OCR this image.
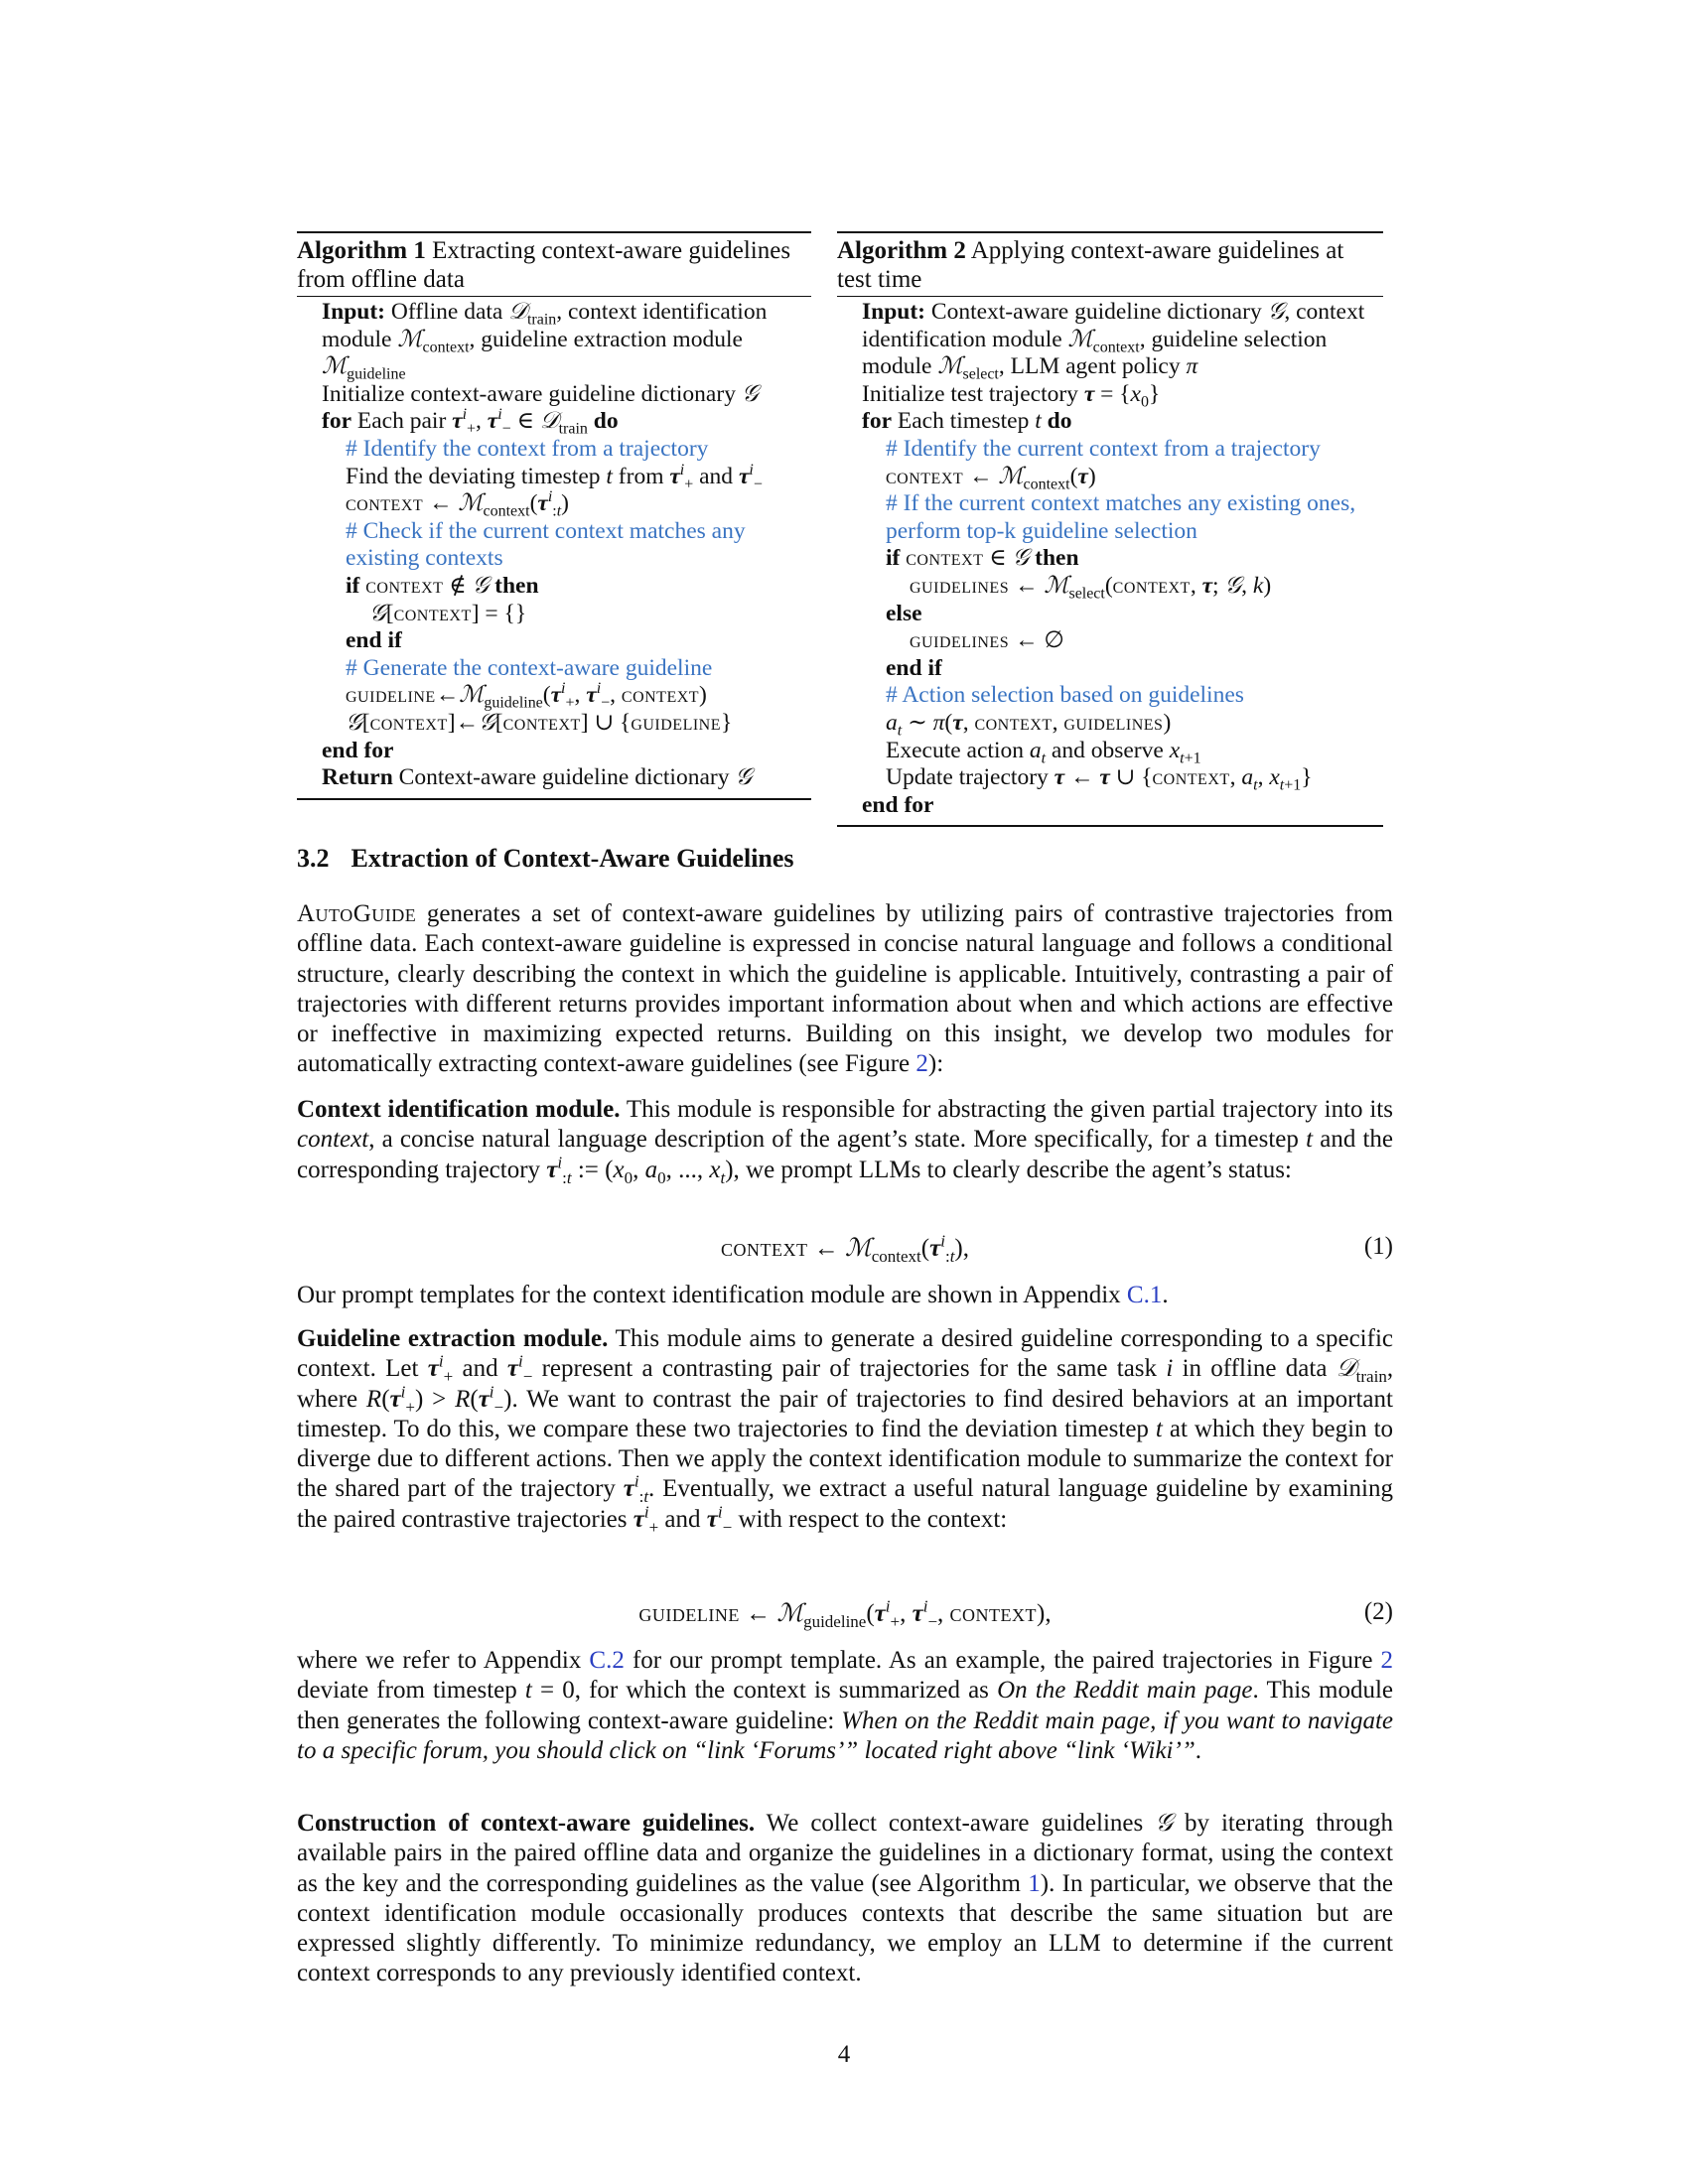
Algorithm 1 Extracting context-aware guidelines from offline data
Input: Offline data 𝒟$_{train}$, context identification module ℳ$_{context}$, guideline extraction module ℳ$_{guideline}$
Initialize context-aware guideline dictionary 𝒢
for Each pair $\tau^i_+$, $\tau^i_-$ ∈ 𝒟$_{train}$ do
# Identify the context from a trajectory
Find the deviating timestep t from $\tau^i_+$ and $\tau^i_-$
context ← $ℳ_{context}(\tau^i_{:t})$
# Check if the current context matches any existing contexts
if context ∉ 𝒢 then
𝒢[context] = {}
end if
# Generate the context-aware guideline
$guideline\leftarrow ℳ_{guideline}(\tau^i_+$, $\tau^i_-$, context)
𝒢[context]←𝒢[context] ∪ {guideline}
end for
Return Context-aware guideline dictionary 𝒢
Algorithm 2 Applying context-aware guidelines at test time
Input: Context-aware guideline dictionary 𝒢, context identification module ℳ$_{context}$, guideline selection module ℳ$_{select}$, LLM agent policy π
Initialize test trajectory $\tau = \{x_0\}$
for Each timestep t do
# Identify the current context from a trajectory
context ← ℳ$_{context}$(τ)
# If the current context matches any existing ones, perform top-k guideline selection
if context ∈ 𝒢 then
guidelines ← ℳ$_{select}$(context, τ; 𝒢, k)
else
guidelines ← ∅
end if
# Action selection based on guidelines
$a_t$ ∼ π(τ, context, guidelines)
Execute action $a_t$ and observe $x_{t+1}$
Update trajectory τ ← τ ∪ {context, $a_t$, $x_{t+1}$}
end for
3.2 Extraction of Context-Aware Guidelines
AutoGuide generates a set of context-aware guidelines by utilizing pairs of contrastive trajectories from offline data. Each context-aware guideline is expressed in concise natural language and follows a conditional structure, clearly describing the context in which the guideline is applicable. Intuitively, contrasting a pair of trajectories with different returns provides important information about when and which actions are effective or ineffective in maximizing expected returns. Building on this insight, we develop two modules for automatically extracting context-aware guidelines (see Figure 2):
Context identification module. This module is responsible for abstracting the given partial trajectory into its context, a concise natural language description of the agent’s state. More specifically, for a timestep t and the corresponding trajectory $\tau^i_{:t}$ := ($x_0$, $a_0$, ..., $x_t$), we prompt LLMs to clearly describe the agent’s status:
context ← $ℳ_{context}(\tau^i_{:t})$,	(1)
Our prompt templates for the context identification module are shown in Appendix C.1.
Guideline extraction module. This module aims to generate a desired guideline corresponding to a specific context. Let $\tau^i_+$ and $\tau^i_-$ represent a contrasting pair of trajectories for the same task i in offline data 𝒟$_{train}$, where $R(\tau^i_+) > R(\tau^i_-)$. We want to contrast the pair of trajectories to find desired behaviors at an important timestep. To do this, we compare these two trajectories to find the deviation timestep t at which they begin to diverge due to different actions. Then we apply the context identification module to summarize the context for the shared part of the trajectory $\tau^i_{:t}$. Eventually, we extract a useful natural language guideline by examining the paired contrastive trajectories $\tau^i_+$ and $\tau^i_-$ with respect to the context:
guideline ← $ℳ_{guideline}(\tau^i_+$, $\tau^i_-$, context),	(2)
where we refer to Appendix C.2 for our prompt template. As an example, the paired trajectories in Figure 2 deviate from timestep t = 0, for which the context is summarized as On the Reddit main page. This module then generates the following context-aware guideline: When on the Reddit main page, if you want to navigate to a specific forum, you should click on “link ‘Forums’” located right above “link ‘Wiki’”.
Construction of context-aware guidelines. We collect context-aware guidelines 𝒢 by iterating through available pairs in the paired offline data and organize the guidelines in a dictionary format, using the context as the key and the corresponding guidelines as the value (see Algorithm 1). In particular, we observe that the context identification module occasionally produces contexts that describe the same situation but are expressed slightly differently. To minimize redundancy, we employ an LLM to determine if the current context corresponds to any previously identified context.
4
